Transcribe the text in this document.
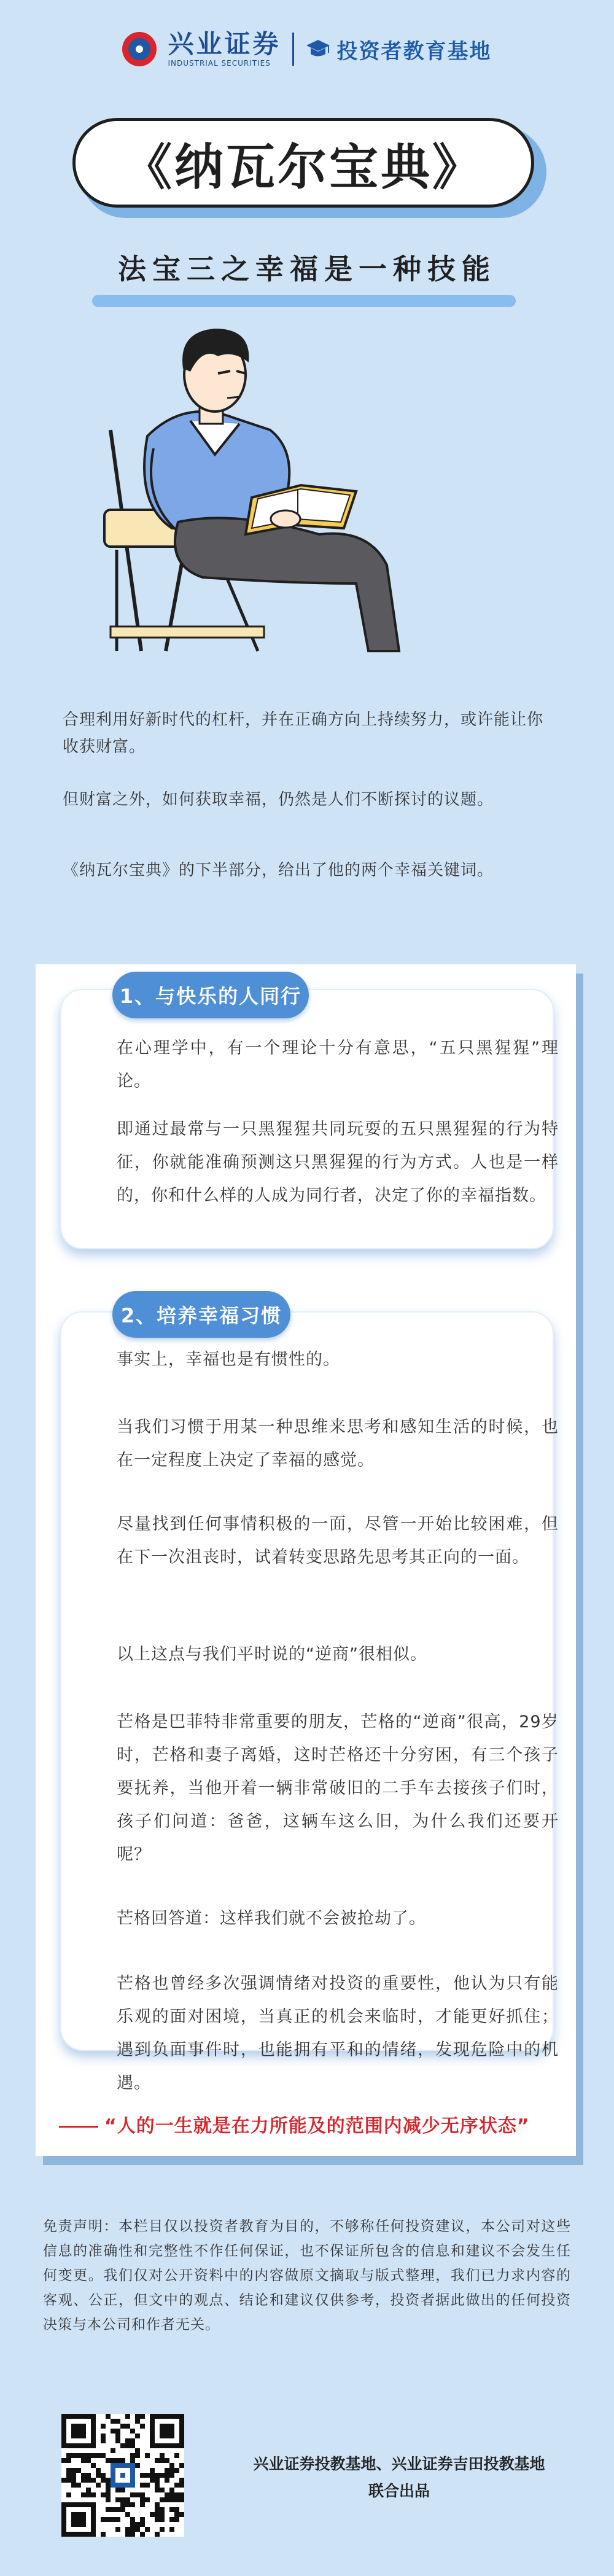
兴业证券
INDUSTRIAL SECURITIES	投资者教育基地
《纳瓦尔宝典》
法宝三之幸福是一种技能
合理利用好新时代的杠杆，并在正确方向上持续努力，或许能让你收获财富。
但财富之外，如何获取幸福，仍然是人们不断探讨的议题。
《纳瓦尔宝典》的下半部分，给出了他的两个幸福关键词。
在心理学中，有一个理论十分有意思，“五只黑猩猩”理论。
即通过最常与一只黑猩猩共同玩耍的五只黑猩猩的行为特征，你就能准确预测这只黑猩猩的行为方式。人也是一样的，你和什么样的人成为同行者，决定了你的幸福指数。
1、与快乐的人同行
事实上，幸福也是有惯性的。
当我们习惯于用某一种思维来思考和感知生活的时候，也在一定程度上决定了幸福的感觉。
尽量找到任何事情积极的一面，尽管一开始比较困难，但在下一次沮丧时，试着转变思路先思考其正向的一面。
以上这点与我们平时说的“逆商”很相似。
芒格是巴菲特非常重要的朋友，芒格的“逆商”很高，29岁时，芒格和妻子离婚，这时芒格还十分穷困，有三个孩子要抚养，当他开着一辆非常破旧的二手车去接孩子们时，孩子们问道：爸爸，这辆车这么旧，为什么我们还要开呢？
芒格回答道：这样我们就不会被抢劫了。
芒格也曾经多次强调情绪对投资的重要性，他认为只有能乐观的面对困境，当真正的机会来临时，才能更好抓住；遇到负面事件时，也能拥有平和的情绪，发现危险中的机遇。
2、培养幸福习惯
“人的一生就是在力所能及的范围内减少无序状态”
免责声明：本栏目仅以投资者教育为目的，不够称任何投资建议，本公司对这些信息的准确性和完整性不作任何保证，也不保证所包含的信息和建议不会发生任何变更。我们仅对公开资料中的内容做原文摘取与版式整理，我们已力求内容的客观、公正，但文中的观点、结论和建议仅供参考，投资者据此做出的任何投资决策与本公司和作者无关。
兴业证券投教基地、兴业证券吉田投教基地
联合出品
